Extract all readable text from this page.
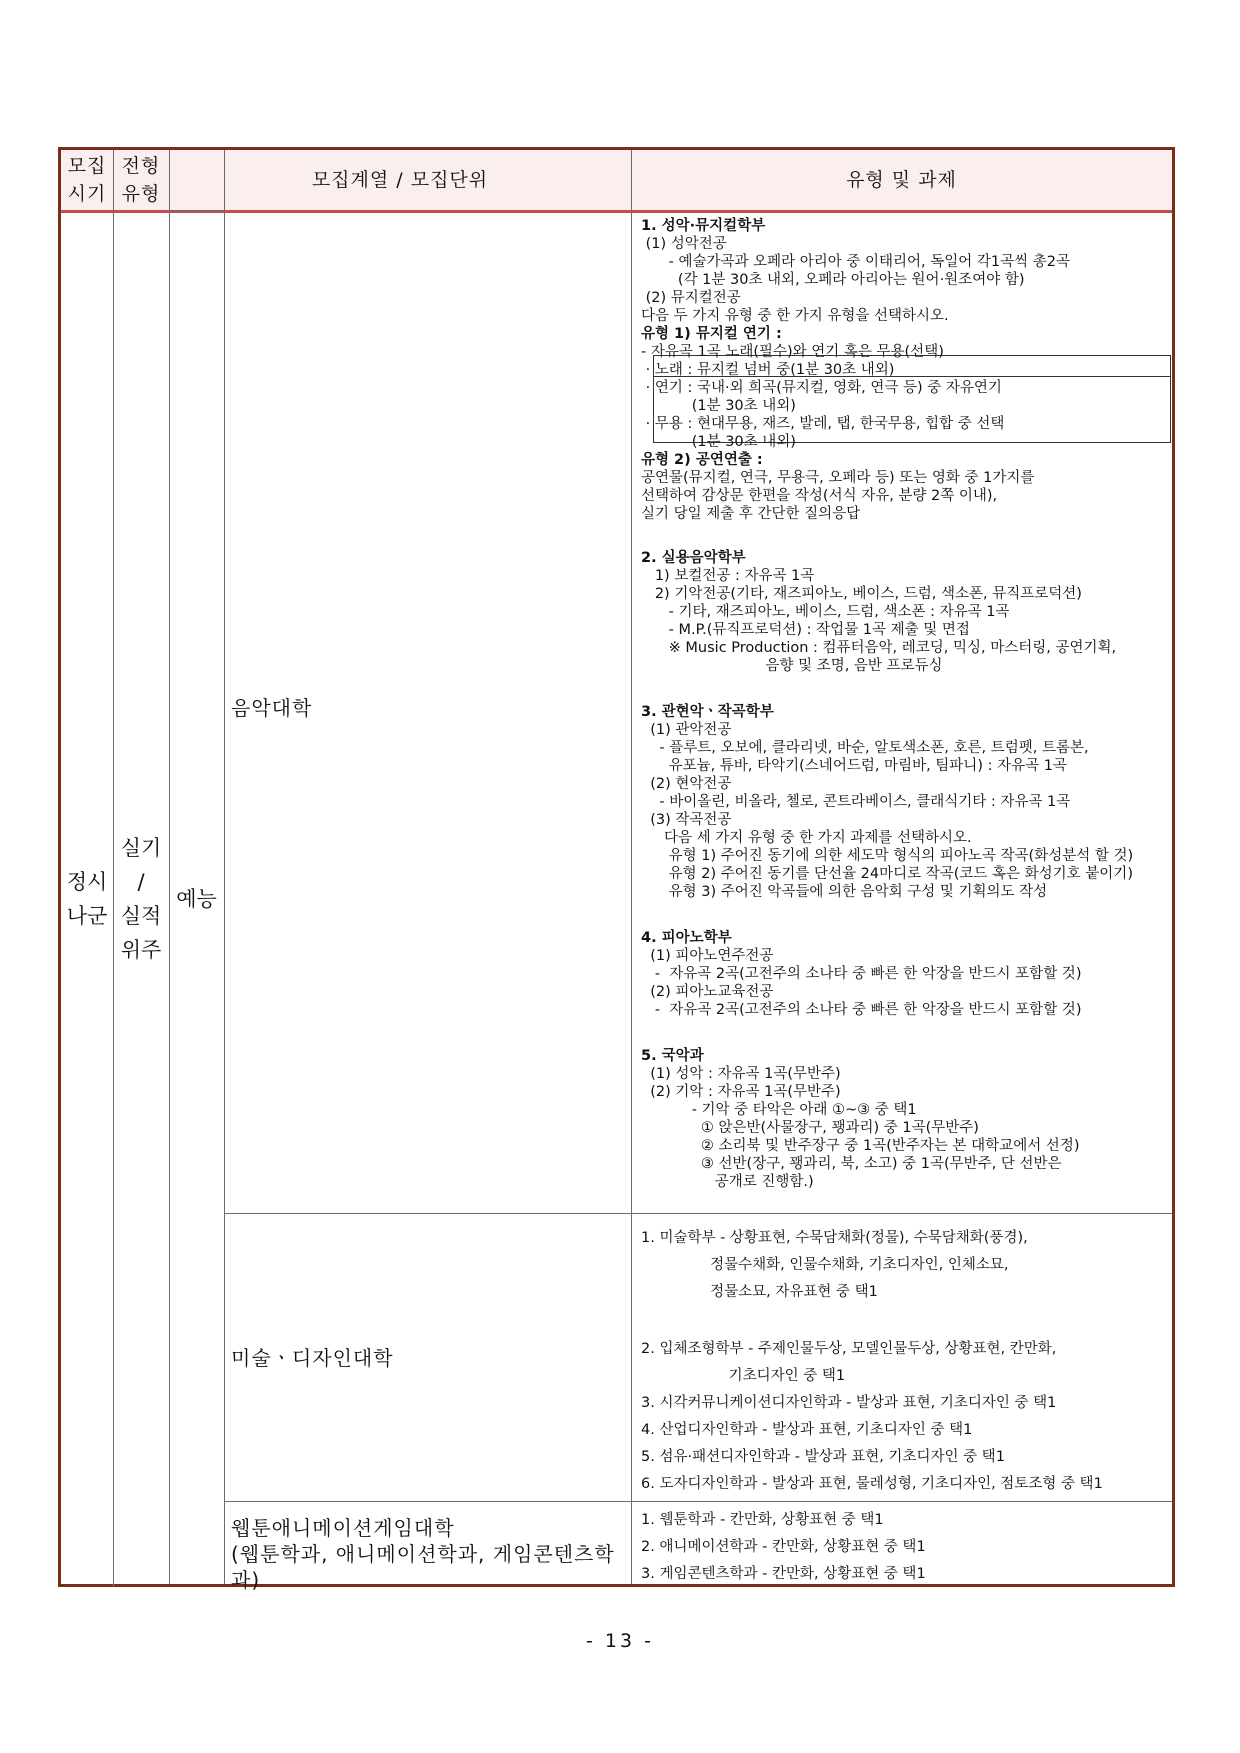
모집
시기
전형
유형
모집계열 / 모집단위	유형 및 과제
정시
나군
실기
/
실적
위주
예능
음악대학
미술ㆍ디자인대학
웹툰애니메이션게임대학
(웹툰학과, 애니메이션학과, 게임콘텐츠학과)
1. 성악·뮤지컬학부
(1) 성악전공
- 예술가곡과 오페라 아리아 중 이태리어, 독일어 각1곡씩 총2곡
(각 1분 30초 내외, 오페라 아리아는 원어·원조여야 함)
(2) 뮤지컬전공
다음 두 가지 유형 중 한 가지 유형을 선택하시오.
유형 1) 뮤지컬 연기 :
- 자유곡 1곡 노래(필수)와 연기 혹은 무용(선택)
· 노래 : 뮤지컬 넘버 중(1분 30초 내외)
· 연기 : 국내·외 희곡(뮤지컬, 영화, 연극 등) 중 자유연기
(1분 30초 내외)
· 무용 : 현대무용, 재즈, 발레, 탭, 한국무용, 힙합 중 선택
(1분 30초 내외)
유형 2) 공연연출 :
공연물(뮤지컬, 연극, 무용극, 오페라 등) 또는 영화 중 1가지를
선택하여 감상문 한편을 작성(서식 자유, 분량 2쪽 이내),
실기 당일 제출 후 간단한 질의응답
2. 실용음악학부
1) 보컬전공 : 자유곡 1곡
2) 기악전공(기타, 재즈피아노, 베이스, 드럼, 색소폰, 뮤직프로덕션)
- 기타, 재즈피아노, 베이스, 드럼, 색소폰 : 자유곡 1곡
- M.P.(뮤직프로덕션) : 작업물 1곡 제출 및 면접
※ Music Production : 컴퓨터음악, 레코딩, 믹싱, 마스터링, 공연기획,
음향 및 조명, 음반 프로듀싱
3. 관현악ㆍ작곡학부
(1) 관악전공
- 플루트, 오보에, 클라리넷, 바순, 알토색소폰, 호른, 트럼펫, 트롬본,
유포늄, 튜바, 타악기(스네어드럼, 마림바, 팀파니) : 자유곡 1곡
(2) 현악전공
- 바이올린, 비올라, 첼로, 콘트라베이스, 클래식기타 : 자유곡 1곡
(3) 작곡전공
다음 세 가지 유형 중 한 가지 과제를 선택하시오.
유형 1) 주어진 동기에 의한 세도막 형식의 피아노곡 작곡(화성분석 할 것)
유형 2) 주어진 동기를 단선율 24마디로 작곡(코드 혹은 화성기호 붙이기)
유형 3) 주어진 악곡들에 의한 음악회 구성 및 기획의도 작성
4. 피아노학부
(1) 피아노연주전공
-  자유곡 2곡(고전주의 소나타 중 빠른 한 악장을 반드시 포함할 것)
(2) 피아노교육전공
-  자유곡 2곡(고전주의 소나타 중 빠른 한 악장을 반드시 포함할 것)
5. 국악과
(1) 성악 : 자유곡 1곡(무반주)
(2) 기악 : 자유곡 1곡(무반주)
- 기악 중 타악은 아래 ①~③ 중 택1
① 앉은반(사물장구, 꽹과리) 중 1곡(무반주)
② 소리북 및 반주장구 중 1곡(반주자는 본 대학교에서 선정)
③ 선반(장구, 꽹과리, 북, 소고) 중 1곡(무반주, 단 선반은
공개로 진행함.)
1. 미술학부 - 상황표현, 수묵담채화(정물), 수묵담채화(풍경),
정물수채화, 인물수채화, 기초디자인, 인체소묘,
정물소묘, 자유표현 중 택1
2. 입체조형학부 - 주제인물두상, 모델인물두상, 상황표현, 칸만화,
기초디자인 중 택1
3. 시각커뮤니케이션디자인학과 - 발상과 표현, 기초디자인 중 택1
4. 산업디자인학과 - 발상과 표현, 기초디자인 중 택1
5. 섬유·패션디자인학과 - 발상과 표현, 기초디자인 중 택1
6. 도자디자인학과 - 발상과 표현, 물레성형, 기초디자인, 점토조형 중 택1
1. 웹툰학과 - 칸만화, 상황표현 중 택1
2. 애니메이션학과 - 칸만화, 상황표현 중 택1
3. 게임콘텐츠학과 - 칸만화, 상황표현 중 택1
- 13 -
